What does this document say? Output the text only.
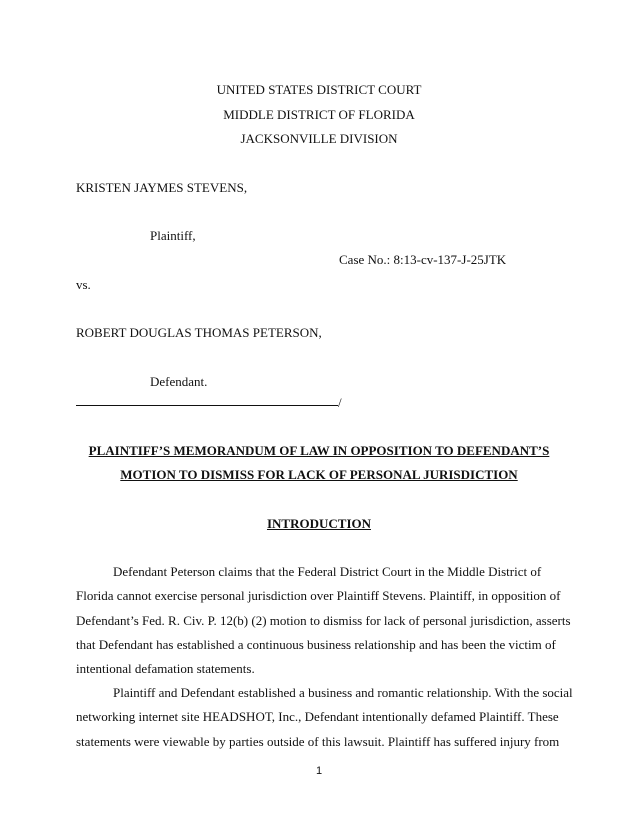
UNITED STATES DISTRICT COURT
MIDDLE DISTRICT OF FLORIDA
JACKSONVILLE DIVISION
KRISTEN JAYMES STEVENS,
Plaintiff,
Case No.: 8:13-cv-137-J-25JTK
vs.
ROBERT DOUGLAS THOMAS PETERSON,
Defendant.
/
PLAINTIFF’S MEMORANDUM OF LAW IN OPPOSITION TO DEFENDANT’S
MOTION TO DISMISS FOR LACK OF PERSONAL JURISDICTION
INTRODUCTION
Defendant Peterson claims that the Federal District Court in the Middle District of
Florida cannot exercise personal jurisdiction over Plaintiff Stevens. Plaintiff, in opposition of
Defendant’s Fed. R. Civ. P. 12(b) (2) motion to dismiss for lack of personal jurisdiction, asserts
that Defendant has established a continuous business relationship and has been the victim of
intentional defamation statements.
Plaintiff and Defendant established a business and romantic relationship. With the social
networking internet site HEADSHOT, Inc., Defendant intentionally defamed Plaintiff. These
statements were viewable by parties outside of this lawsuit. Plaintiff has suffered injury from
1
